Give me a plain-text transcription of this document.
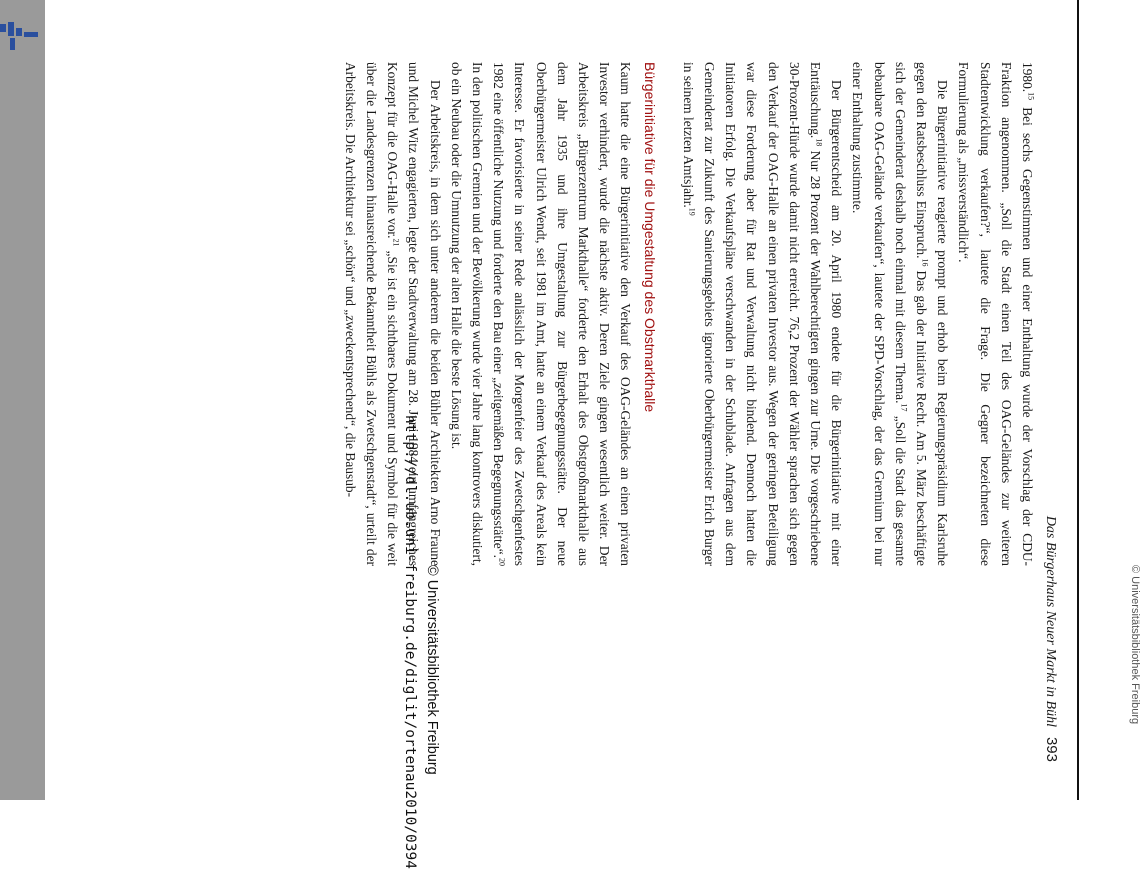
Das Bürgerhaus Neuer Markt in Bühl393

1980.15 Bei sechs Gegenstimmen und einer Enthaltung wurde der Vorschlag der CDU-Fraktion angenommen. „Soll die Stadt einen Teil des OAG-Geländes zur weiteren Stadtentwicklung verkaufen?“, lautete die Frage. Die Gegner bezeichneten diese Formulierung als „missverständlich“.

Die Bürgerinitiative reagierte prompt und erhob beim Regierungspräsidium Karlsruhe gegen den Ratsbeschluss Einspruch.$^{16}$ Das gab der Initiative Recht. Am 5. März beschäftigte sich der Gemeinderat deshalb noch einmal mit diesem Thema.$^{17}$ „Soll die Stadt das gesamte bebaubare OAG-Gelände verkaufen“, lautete der SPD-Vorschlag, der das Gremium bei nur einer Enthaltung zustimmte.

Der Bürgerentscheid am 20. April 1980 endete für die Bürgerinitiative mit einer Enttäuschung.$^{18}$ Nur 28 Prozent der Wahlberechtigten gingen zur Urne. Die vorgeschriebene 30-Prozent-Hürde wurde damit nicht erreicht. 76,2 Prozent der Wähler sprachen sich gegen den Verkauf der OAG-Halle an einen privaten Investor aus. Wegen der geringen Beteiligung war diese Forderung aber für Rat und Verwaltung nicht bindend. Dennoch hatten die Initiatoren Erfolg. Die Verkaufspläne verschwanden in der Schublade. Anfragen aus dem Gemeinderat zur Zukunft des Sanierungsgebiets ignorierte Oberbürgermeister Erich Burger in seinem letzten Amtsjahr.$^{19}$

Bürgerinitiative für die Umgestaltung des Obstmarkthalle

Kaum hatte die eine Bürgerinitiative den Verkauf des OAG-Geländes an einen privaten Investor verhindert, wurde die nächste aktiv. Deren Ziele gingen wesentlich weiter. Der Arbeitskreis „Bürgerzentrum Markthalle“ forderte den Erhalt des Obstgroßmarkthalle aus dem Jahr 1935 und ihre Umgestaltung zur Bürgerbegegnungsstätte. Der neue Oberbürgermeister Ulrich Wendt, seit 1981 im Amt, hatte an einem Verkauf des Areals kein Interesse. Er favorisierte in seiner Rede anlässlich der Morgenfeier des Zwetschgenfestes 1982 eine öffentliche Nutzung und forderte den Bau einer „zeitgemäßen Begegnungsstätte“.$^{20}$ In den politischen Gremien und der Bevölkerung wurde vier Jahre lang kontrovers diskutiert, ob ein Neubau oder die Umnutzung der alten Halle die beste Lösung ist.

Der Arbeitskreis, in dem sich unter anderem die beiden Bühler Architekten Arno Fraune und Michel Witz engagierten, legte der Stadtverwaltung am 28. Juni 1984 ein umfangreiches Konzept für die OAG-Halle vor.$^{21}$ „Sie ist ein sichtbares Dokument und Symbol für die weit über die Landesgrenzen hinausreichende Bekanntheit Bühls als Zwetschgenstadt“, urteilt der Arbeitskreis. Die Architektur sei „schön“ und „zweckentsprechend“, die Bausub-

http://dl.ub.uni-freiburg.de/diglit/ortenau2010/0394 © Universitätsbibliothek Freiburg	© Universitätsbibliothek Freiburg
